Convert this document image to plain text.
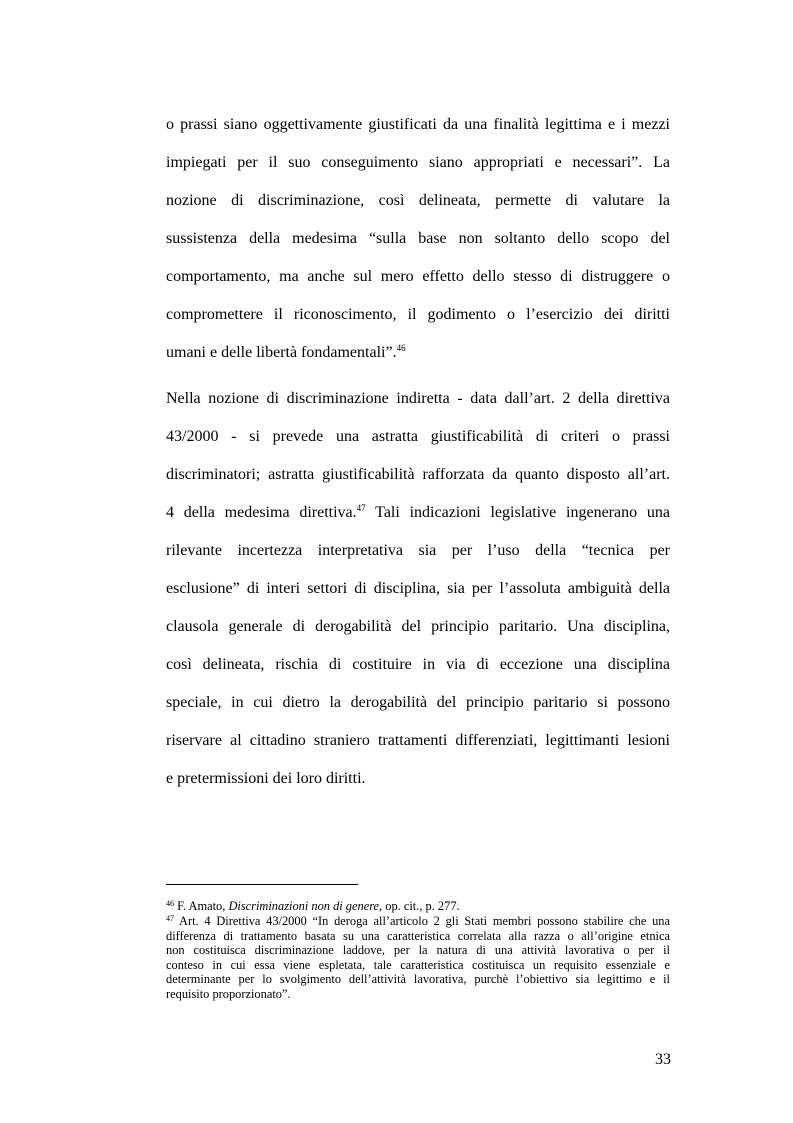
o prassi siano oggettivamente giustificati da una finalità legittima e i mezzi
impiegati per il suo conseguimento siano appropriati e necessari”. La
nozione di discriminazione, così delineata, permette di valutare la
sussistenza della medesima “sulla base non soltanto dello scopo del
comportamento, ma anche sul mero effetto dello stesso di distruggere o
compromettere il riconoscimento, il godimento o l’esercizio dei diritti
umani e delle libertà fondamentali”.$^{46}$
Nella nozione di discriminazione indiretta - data dall’art. 2 della direttiva
43/2000 - si prevede una astratta giustificabilità di criteri o prassi
discriminatori; astratta giustificabilità rafforzata da quanto disposto all’art.
4 della medesima direttiva.$^{47}$ Tali indicazioni legislative ingenerano una
rilevante incertezza interpretativa sia per l’uso della “tecnica per
esclusione” di interi settori di disciplina, sia per l’assoluta ambiguità della
clausola generale di derogabilità del principio paritario. Una disciplina,
così delineata, rischia di costituire in via di eccezione una disciplina
speciale, in cui dietro la derogabilità del principio paritario si possono
riservare al cittadino straniero trattamenti differenziati, legittimanti lesioni
e pretermissioni dei loro diritti.
$^{46}$ F. Amato, Discriminazioni non di genere, op. cit., p. 277.
$^{47}$ Art. 4 Direttiva 43/2000 “In deroga all’articolo 2 gli Stati membri possono stabilire che una
differenza di trattamento basata su una caratteristica correlata alla razza o all’origine etnica
non costituisca discriminazione laddove, per la natura di una attività lavorativa o per il
conteso in cui essa viene espletata, tale caratteristica costituisca un requisito essenziale e
determinante per lo svolgimento dell’attività lavorativa, purchè l’obiettivo sia legittimo e il
requisito proporzionato”.
33
